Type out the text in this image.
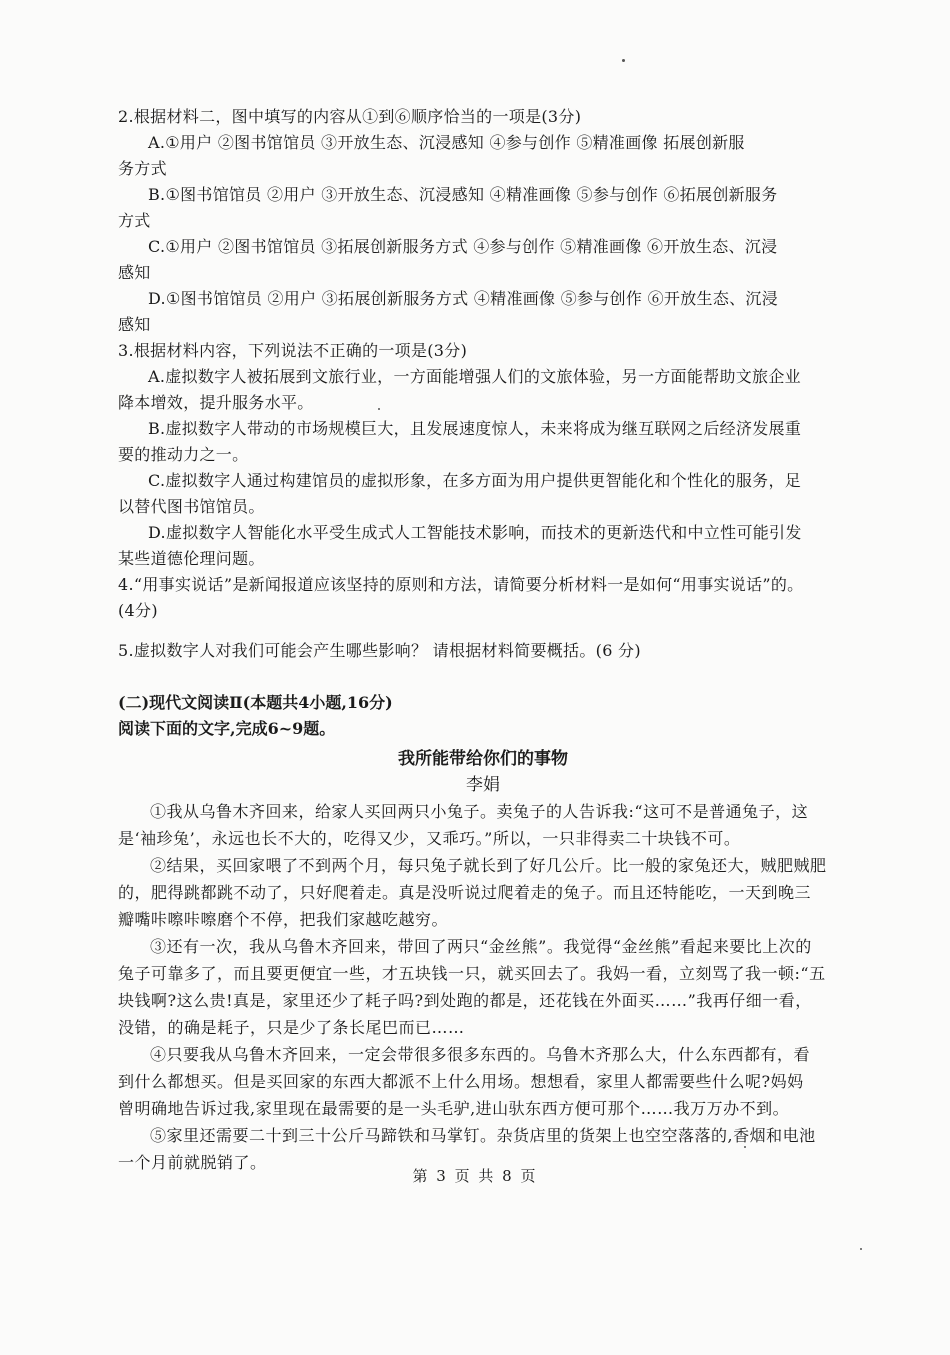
2.根据材料二，图中填写的内容从①到⑥顺序恰当的一项是(3分)
A.①用户 ②图书馆馆员 ③开放生态、沉浸感知 ④参与创作 ⑤精准画像 拓展创新服
务方式
B.①图书馆馆员 ②用户 ③开放生态、沉浸感知 ④精准画像 ⑤参与创作 ⑥拓展创新服务
方式
C.①用户 ②图书馆馆员 ③拓展创新服务方式 ④参与创作 ⑤精准画像 ⑥开放生态、沉浸
感知
D.①图书馆馆员 ②用户 ③拓展创新服务方式 ④精准画像 ⑤参与创作 ⑥开放生态、沉浸
感知
3.根据材料内容，下列说法不正确的一项是(3分)
A.虚拟数字人被拓展到文旅行业，一方面能增强人们的文旅体验，另一方面能帮助文旅企业
降本增效，提升服务水平。
B.虚拟数字人带动的市场规模巨大，且发展速度惊人，未来将成为继互联网之后经济发展重
要的推动力之一。
C.虚拟数字人通过构建馆员的虚拟形象，在多方面为用户提供更智能化和个性化的服务，足
以替代图书馆馆员。
D.虚拟数字人智能化水平受生成式人工智能技术影响，而技术的更新迭代和中立性可能引发
某些道德伦理问题。
4.“用事实说话”是新闻报道应该坚持的原则和方法，请简要分析材料一是如何“用事实说话”的。
(4分)
5.虚拟数字人对我们可能会产生哪些影响？ 请根据材料简要概括。(6 分)
(二)现代文阅读Ⅱ(本题共4小题,16分)
阅读下面的文字,完成6~9题。
我所能带给你们的事物
李娟
①我从乌鲁木齐回来，给家人买回两只小兔子。卖兔子的人告诉我:“这可不是普通兔子，这
是‘袖珍兔’，永远也长不大的，吃得又少，又乖巧。”所以，一只非得卖二十块钱不可。
②结果，买回家喂了不到两个月，每只兔子就长到了好几公斤。比一般的家兔还大，贼肥贼肥
的，肥得跳都跳不动了，只好爬着走。真是没听说过爬着走的兔子。而且还特能吃，一天到晚三
瓣嘴咔嚓咔嚓磨个不停，把我们家越吃越穷。
③还有一次，我从乌鲁木齐回来，带回了两只“金丝熊”。我觉得“金丝熊”看起来要比上次的
兔子可靠多了，而且要更便宜一些，才五块钱一只，就买回去了。我妈一看，立刻骂了我一顿:“五
块钱啊?这么贵!真是，家里还少了耗子吗?到处跑的都是，还花钱在外面买……”我再仔细一看，
没错，的确是耗子，只是少了条长尾巴而已……
④只要我从乌鲁木齐回来，一定会带很多很多东西的。乌鲁木齐那么大，什么东西都有，看
到什么都想买。但是买回家的东西大都派不上什么用场。想想看，家里人都需要些什么呢?妈妈
曾明确地告诉过我,家里现在最需要的是一头毛驴,进山驮东西方便可那个……我万万办不到。
⑤家里还需要二十到三十公斤马蹄铁和马掌钉。杂货店里的货架上也空空落落的,香烟和电池
一个月前就脱销了。
第 3 页 共 8 页
